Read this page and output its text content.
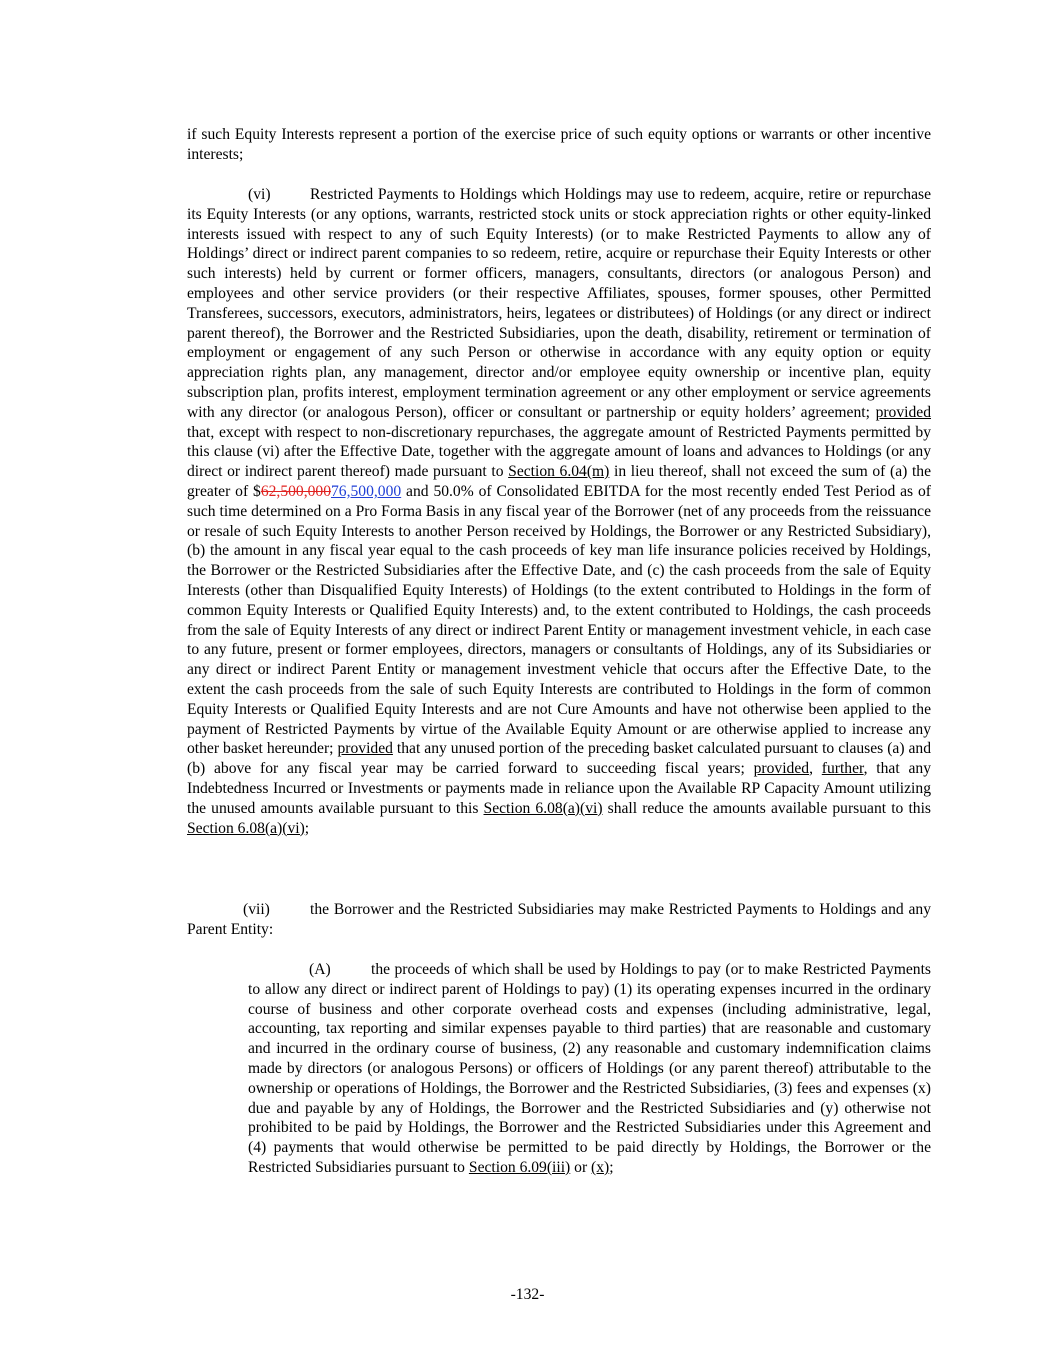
if such Equity Interests represent a portion of the exercise price of such equity options or warrants or other incentive interests;

(vi)	Restricted Payments to Holdings which Holdings may use to redeem, acquire, retire or repurchase its Equity Interests (or any options, warrants, restricted stock units or stock appreciation rights or other equity-linked interests issued with respect to any of such Equity Interests) (or to make Restricted Payments to allow any of Holdings’ direct or indirect parent companies to so redeem, retire, acquire or repurchase their Equity Interests or other such interests) held by current or former officers, managers, consultants, directors (or analogous Person) and employees and other service providers (or their respective Affiliates, spouses, former spouses, other Permitted Transferees, successors, executors, administrators, heirs, legatees or distributees) of Holdings (or any direct or indirect parent thereof), the Borrower and the Restricted Subsidiaries, upon the death, disability, retirement or termination of employment or engagement of any such Person or otherwise in accordance with any equity option or equity appreciation rights plan, any management, director and/or employee equity ownership or incentive plan, equity subscription plan, profits interest, employment termination agreement or any other employment or service agreements with any director (or analogous Person), officer or consultant or partnership or equity holders’ agreement; provided that, except with respect to non-discretionary repurchases, the aggregate amount of Restricted Payments permitted by this clause (vi) after the Effective Date, together with the aggregate amount of loans and advances to Holdings (or any direct or indirect parent thereof) made pursuant to Section 6.04(m) in lieu thereof, shall not exceed the sum of (a) the greater of $62,500,00076,500,000 and 50.0% of Consolidated EBITDA for the most recently ended Test Period as of such time determined on a Pro Forma Basis in any fiscal year of the Borrower (net of any proceeds from the reissuance or resale of such Equity Interests to another Person received by Holdings, the Borrower or any Restricted Subsidiary), (b) the amount in any fiscal year equal to the cash proceeds of key man life insurance policies received by Holdings, the Borrower or the Restricted Subsidiaries after the Effective Date, and (c) the cash proceeds from the sale of Equity Interests (other than Disqualified Equity Interests) of Holdings (to the extent contributed to Holdings in the form of common Equity Interests or Qualified Equity Interests) and, to the extent contributed to Holdings, the cash proceeds from the sale of Equity Interests of any direct or indirect Parent Entity or management investment vehicle, in each case to any future, present or former employees, directors, managers or consultants of Holdings, any of its Subsidiaries or any direct or indirect Parent Entity or management investment vehicle that occurs after the Effective Date, to the extent the cash proceeds from the sale of such Equity Interests are contributed to Holdings in the form of common Equity Interests or Qualified Equity Interests and are not Cure Amounts and have not otherwise been applied to the payment of Restricted Payments by virtue of the Available Equity Amount or are otherwise applied to increase any other basket hereunder; provided that any unused portion of the preceding basket calculated pursuant to clauses (a) and (b) above for any fiscal year may be carried forward to succeeding fiscal years; provided, further, that any Indebtedness Incurred or Investments or payments made in reliance upon the Available RP Capacity Amount utilizing the unused amounts available pursuant to this Section 6.08(a)(vi) shall reduce the amounts available pursuant to this Section 6.08(a)(vi);

(vii)	the Borrower and the Restricted Subsidiaries may make Restricted Payments to Holdings and any Parent Entity:

(A)	the proceeds of which shall be used by Holdings to pay (or to make Restricted Payments to allow any direct or indirect parent of Holdings to pay) (1) its operating expenses incurred in the ordinary course of business and other corporate overhead costs and expenses (including administrative, legal, accounting, tax reporting and similar expenses payable to third parties) that are reasonable and customary and incurred in the ordinary course of business, (2) any reasonable and customary indemnification claims made by directors (or analogous Persons) or officers of Holdings (or any parent thereof) attributable to the ownership or operations of Holdings, the Borrower and the Restricted Subsidiaries, (3) fees and expenses (x) due and payable by any of Holdings, the Borrower and the Restricted Subsidiaries and (y) otherwise not prohibited to be paid by Holdings, the Borrower and the Restricted Subsidiaries under this Agreement and (4) payments that would otherwise be permitted to be paid directly by Holdings, the Borrower or the Restricted Subsidiaries pursuant to Section 6.09(iii) or (x);

-132-
